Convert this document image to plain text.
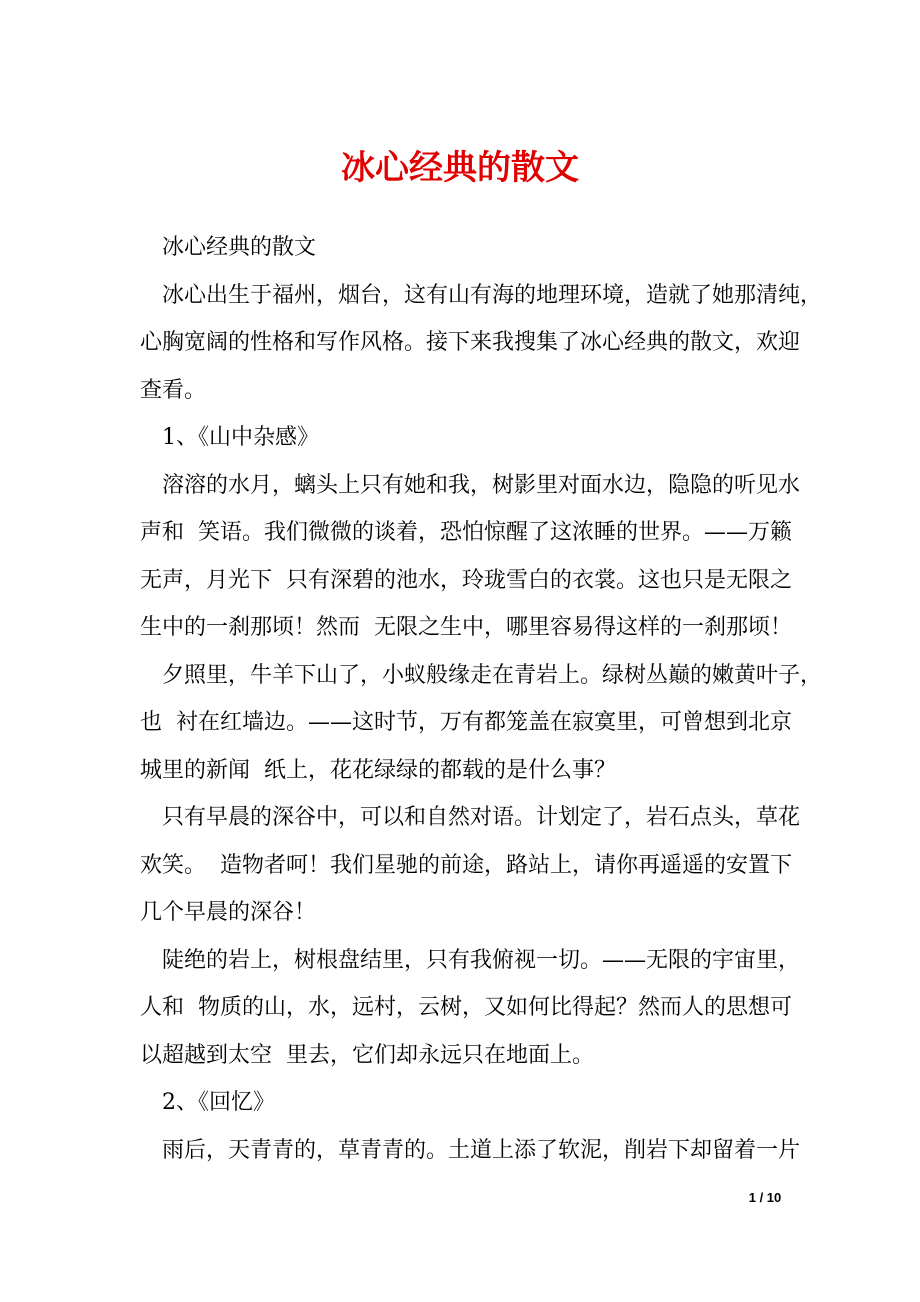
冰心经典的散文

冰心经典的散文

冰心出生于福州，烟台，这有山有海的地理环境，造就了她那清纯，
心胸宽阔的性格和写作风格。接下来我搜集了冰心经典的散文，欢迎
查看。

1、《山中杂感》

溶溶的水月，螭头上只有她和我，树影里对面水边，隐隐的听见水
声和  笑语。我们微微的谈着，恐怕惊醒了这浓睡的世界。——万籁
无声，月光下  只有深碧的池水，玲珑雪白的衣裳。这也只是无限之
生中的一刹那顷！然而  无限之生中，哪里容易得这样的一刹那顷！

夕照里，牛羊下山了，小蚁般缘走在青岩上。绿树丛巅的嫩黄叶子，
也  衬在红墙边。——这时节，万有都笼盖在寂寞里，可曾想到北京
城里的新闻  纸上，花花绿绿的都载的是什么事？

只有早晨的深谷中，可以和自然对语。计划定了，岩石点头，草花
欢笑。  造物者呵！我们星驰的前途，路站上，请你再遥遥的安置下
几个早晨的深谷！

陡绝的岩上，树根盘结里，只有我俯视一切。——无限的宇宙里，
人和  物质的山，水，远村，云树，又如何比得起？然而人的思想可
以超越到太空  里去，它们却永远只在地面上。

2、《回忆》

雨后，天青青的，草青青的。土道上添了软泥，削岩下却留着一片

1 / 10
